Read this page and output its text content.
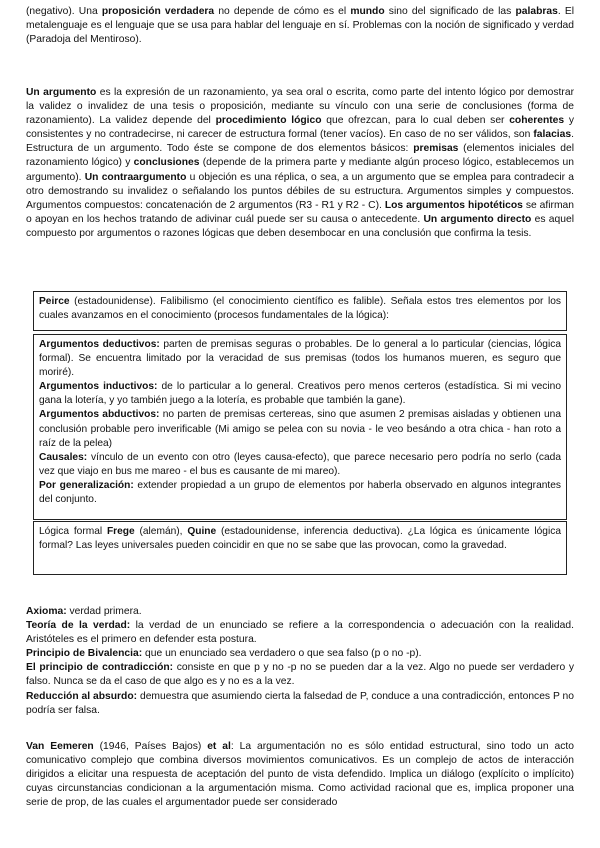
(negativo). Una proposición verdadera no depende de cómo es el mundo sino del significado de las palabras. El metalenguaje es el lenguaje que se usa para hablar del lenguaje en sí. Problemas con la noción de significado y verdad (Paradoja del Mentiroso).

Un argumento es la expresión de un razonamiento, ya sea oral o escrita, como parte del intento lógico por demostrar la validez o invalidez de una tesis o proposición, mediante su vínculo con una serie de conclusiones (forma de razonamiento). La validez depende del procedimiento lógico que ofrezcan, para lo cual deben ser coherentes y consistentes y no contradecirse, ni carecer de estructura formal (tener vacíos). En caso de no ser válidos, son falacias. Estructura de un argumento. Todo éste se compone de dos elementos básicos: premisas (elementos iniciales del razonamiento lógico) y conclusiones (depende de la primera parte y mediante algún proceso lógico, establecemos un argumento). Un contraargumento u objeción es una réplica, o sea, a un argumento que se emplea para contradecir a otro demostrando su invalidez o señalando los puntos débiles de su estructura. Argumentos simples y compuestos. Argumentos compuestos: concatenación de 2 argumentos (R3 - R1 y R2 - C). Los argumentos hipotéticos se afirman o apoyan en los hechos tratando de adivinar cuál puede ser su causa o antecedente. Un argumento directo es aquel compuesto por argumentos o razones lógicas que deben desembocar en una conclusión que confirma la tesis.

Peirce (estadounidense). Falibilismo (el conocimiento científico es falible). Señala estos tres elementos por los cuales avanzamos en el conocimiento (procesos fundamentales de la lógica):

Argumentos deductivos: parten de premisas seguras o probables. De lo general a lo particular (ciencias, lógica formal). Se encuentra limitado por la veracidad de sus premisas (todos los humanos mueren, es seguro que moriré).

Argumentos inductivos: de lo particular a lo general. Creativos pero menos certeros (estadística. Si mi vecino gana la lotería, y yo también juego a la lotería, es probable que también la gane).

Argumentos abductivos: no parten de premisas certereas, sino que asumen 2 premisas aisladas y obtienen una conclusión probable pero inverificable (Mi amigo se pelea con su novia - le veo besándo a otra chica - han roto a raíz de la pelea)

Causales: vínculo de un evento con otro (leyes causa-efecto), que parece necesario pero podría no serlo (cada vez que viajo en bus me mareo - el bus es causante de mi mareo).

Por generalización: extender propiedad a un grupo de elementos por haberla observado en algunos integrantes del conjunto.

Lógica formal Frege (alemán), Quine (estadounidense, inferencia deductiva). ¿La lógica es únicamente lógica formal? Las leyes universales pueden coincidir en que no se sabe que las provocan, como la gravedad.

Axioma: verdad primera.

Teoría de la verdad: la verdad de un enunciado se refiere a la correspondencia o adecuación con la realidad. Aristóteles es el primero en defender esta postura.

Principio de Bivalencia: que un enunciado sea verdadero o que sea falso (p o no -p).

El principio de contradicción: consiste en que p y no -p no se pueden dar a la vez. Algo no puede ser verdadero y falso. Nunca se da el caso de que algo es y no es a la vez.

Reducción al absurdo: demuestra que asumiendo cierta la falsedad de P, conduce a una contradicción, entonces P no podría ser falsa.

Van Eemeren (1946, Países Bajos) et al: La argumentación no es sólo entidad estructural, sino todo un acto comunicativo complejo que combina diversos movimientos comunicativos. Es un complejo de actos de interacción dirigidos a elicitar una respuesta de aceptación del punto de vista defendido. Implica un diálogo (explícito o implícito) cuyas circunstancias condicionan a la argumentación misma. Como actividad racional que es, implica proponer una serie de prop, de las cuales el argumentador puede ser considerado
